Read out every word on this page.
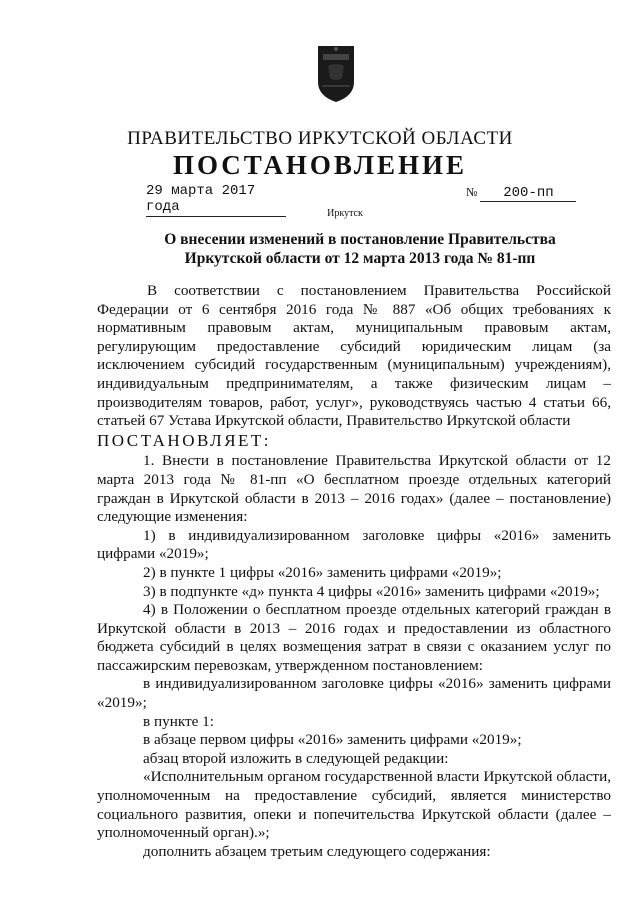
ПРАВИТЕЛЬСТВО ИРКУТСКОЙ ОБЛАСТИ
ПОСТАНОВЛЕНИЕ
29 марта 2017 года
№ 200-пп
Иркутск
О внесении изменений в постановление Правительства Иркутской области от 12 марта 2013 года № 81-пп

В соответствии с постановлением Правительства Российской Федерации от 6 сентября 2016 года № 887 «Об общих требованиях к нормативным правовым актам, муниципальным правовым актам, регулирующим предоставление субсидий юридическим лицам (за исключением субсидий государственным (муниципальным) учреждениям), индивидуальным предпринимателям, а также физическим лицам – производителям товаров, работ, услуг», руководствуясь частью 4 статьи 66, статьей 67 Устава Иркутской области, Правительство Иркутской области

ПОСТАНОВЛЯЕТ:

1. Внести в постановление Правительства Иркутской области от 12 марта 2013 года № 81-пп «О бесплатном проезде отдельных категорий граждан в Иркутской области в 2013 – 2016 годах» (далее – постановление) следующие изменения:

1) в индивидуализированном заголовке цифры «2016» заменить цифрами «2019»;

2) в пункте 1 цифры «2016» заменить цифрами «2019»;

3) в подпункте «д» пункта 4 цифры «2016» заменить цифрами «2019»;

4) в Положении о бесплатном проезде отдельных категорий граждан в Иркутской области в 2013 – 2016 годах и предоставлении из областного бюджета субсидий в целях возмещения затрат в связи с оказанием услуг по пассажирским перевозкам, утвержденном постановлением:

в индивидуализированном заголовке цифры «2016» заменить цифрами «2019»;

в пункте 1:

в абзаце первом цифры «2016» заменить цифрами «2019»;

абзац второй изложить в следующей редакции:

«Исполнительным органом государственной власти Иркутской области, уполномоченным на предоставление субсидий, является министерство социального развития, опеки и попечительства Иркутской области (далее – уполномоченный орган).»;

дополнить абзацем третьим следующего содержания:
